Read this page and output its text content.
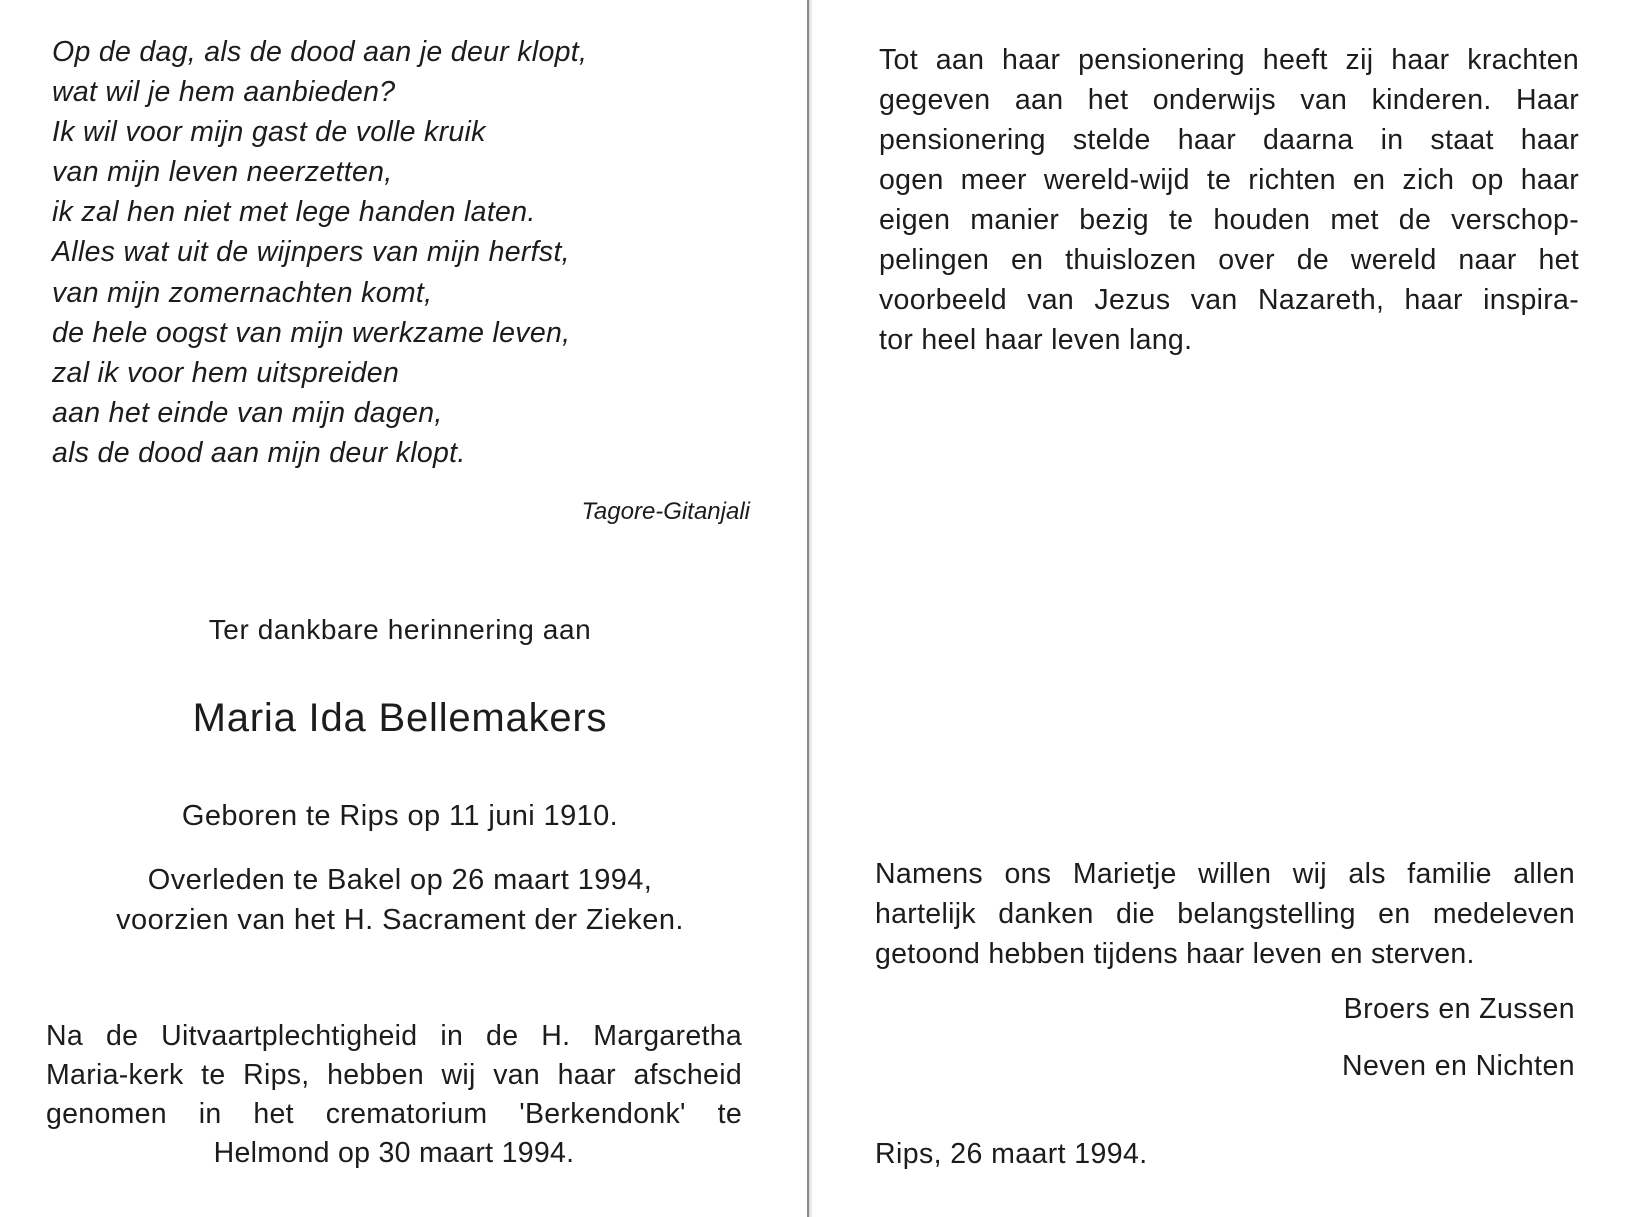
Op de dag, als de dood aan je deur klopt,
wat wil je hem aanbieden?
Ik wil voor mijn gast de volle kruik
van mijn leven neerzetten,
ik zal hen niet met lege handen laten.
Alles wat uit de wijnpers van mijn herfst,
van mijn zomernachten komt,
de hele oogst van mijn werkzame leven,
zal ik voor hem uitspreiden
aan het einde van mijn dagen,
als de dood aan mijn deur klopt.
Tagore-Gitanjali
Ter dankbare herinnering aan
Maria Ida Bellemakers
Geboren te Rips op 11 juni 1910.
Overleden te Bakel op 26 maart 1994,
voorzien van het H. Sacrament der Zieken.
Na de Uitvaartplechtigheid in de H. Margaretha
Maria-kerk te Rips, hebben wij van haar afscheid
genomen in het crematorium 'Berkendonk' te
Helmond op 30 maart 1994.
Tot aan haar pensionering heeft zij haar krachten
gegeven aan het onderwijs van kinderen. Haar
pensionering stelde haar daarna in staat haar
ogen meer wereld-wijd te richten en zich op haar
eigen manier bezig te houden met de verschop-
pelingen en thuislozen over de wereld naar het
voorbeeld van Jezus van Nazareth, haar inspira-
tor heel haar leven lang.
Namens ons Marietje willen wij als familie allen
hartelijk danken die belangstelling en medeleven
getoond hebben tijdens haar leven en sterven.
Broers en Zussen
Neven en Nichten
Rips, 26 maart 1994.
